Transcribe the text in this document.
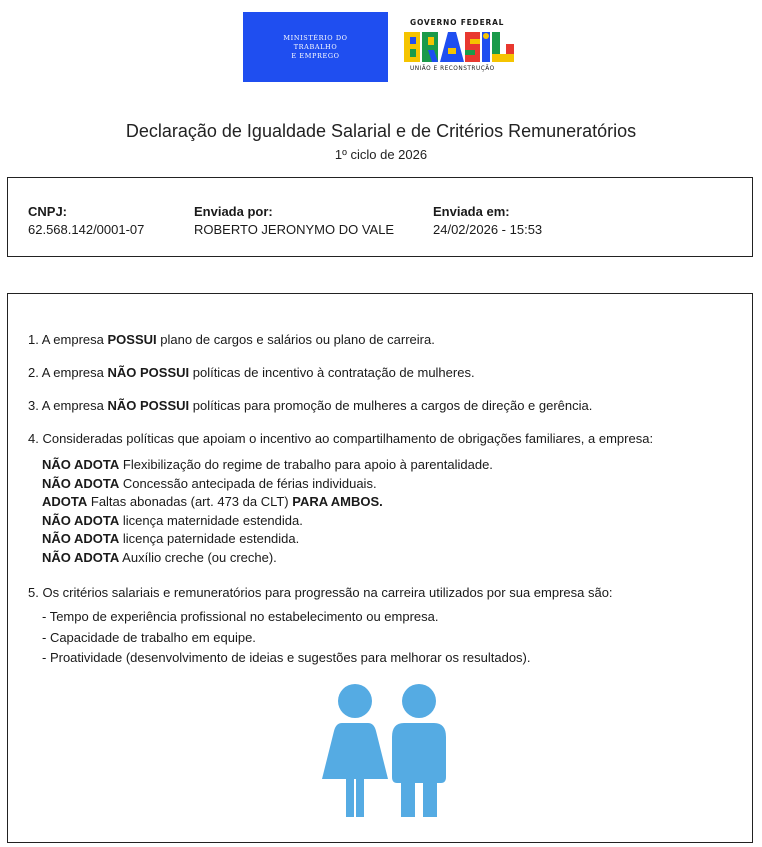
MINISTÉRIO DO
TRABALHO
E EMPREGO
GOVERNO FEDERAL
UNIÃO E RECONSTRUÇÃO
Declaração de Igualdade Salarial e de Critérios Remuneratórios
1º ciclo de 2026
CNPJ:
62.568.142/0001-07
Enviada por:
ROBERTO JERONYMO DO VALE
Enviada em:
24/02/2026 - 15:53
1. A empresa POSSUI plano de cargos e salários ou plano de carreira.
2. A empresa NÃO POSSUI políticas de incentivo à contratação de mulheres.
3. A empresa NÃO POSSUI políticas para promoção de mulheres a cargos de direção e gerência.
4. Consideradas políticas que apoiam o incentivo ao compartilhamento de obrigações familiares, a empresa:
NÃO ADOTA Flexibilização do regime de trabalho para apoio à parentalidade.
NÃO ADOTA Concessão antecipada de férias individuais.
ADOTA Faltas abonadas (art. 473 da CLT) PARA AMBOS.
NÃO ADOTA licença maternidade estendida.
NÃO ADOTA licença paternidade estendida.
NÃO ADOTA Auxílio creche (ou creche).
5. Os critérios salariais e remuneratórios para progressão na carreira utilizados por sua empresa são:
- Tempo de experiência profissional no estabelecimento ou empresa.
- Capacidade de trabalho em equipe.
- Proatividade (desenvolvimento de ideias e sugestões para melhorar os resultados).
